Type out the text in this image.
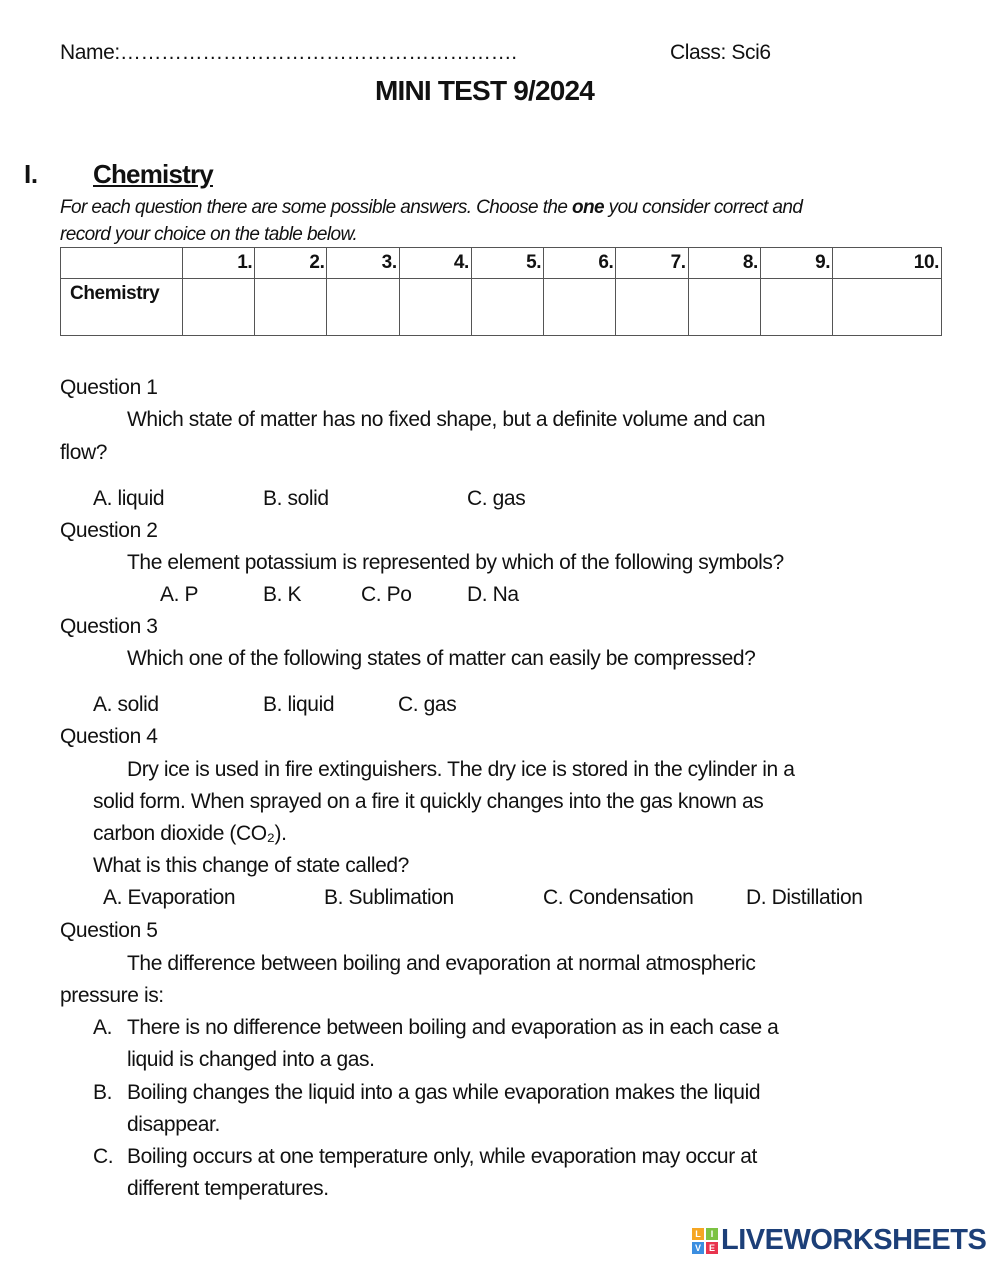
Name:………………………………………………….	Class: Sci6
MINI TEST 9/2024
I. Chemistry
For each question there are some possible answers. Choose the one you consider correct and
record your choice on the table below.
	1.	2.	3.	4.	5.	6.	7.	8.	9.	10.
Chemistry										
Question 1
Which state of matter has no fixed shape, but a definite volume and can
flow?
A. liquid	B. solid	C. gas
Question 2
The element potassium is represented by which of the following symbols?
A. P	B. K	C. Po	D. Na
Question 3
Which one of the following states of matter can easily be compressed?
A. solid	B. liquid	C. gas
Question 4
Dry ice is used in fire extinguishers. The dry ice is stored in the cylinder in a
solid form. When sprayed on a fire it quickly changes into the gas known as
carbon dioxide (CO₂).
What is this change of state called?
A. Evaporation	B. Sublimation	C. Condensation	D. Distillation
Question 5
The difference between boiling and evaporation at normal atmospheric
pressure is:
A. There is no difference between boiling and evaporation as in each case a
liquid is changed into a gas.
B. Boiling changes the liquid into a gas while evaporation makes the liquid
disappear.
C. Boiling occurs at one temperature only, while evaporation may occur at
different temperatures.
L	I
V E LIVEWORKSHEETS
